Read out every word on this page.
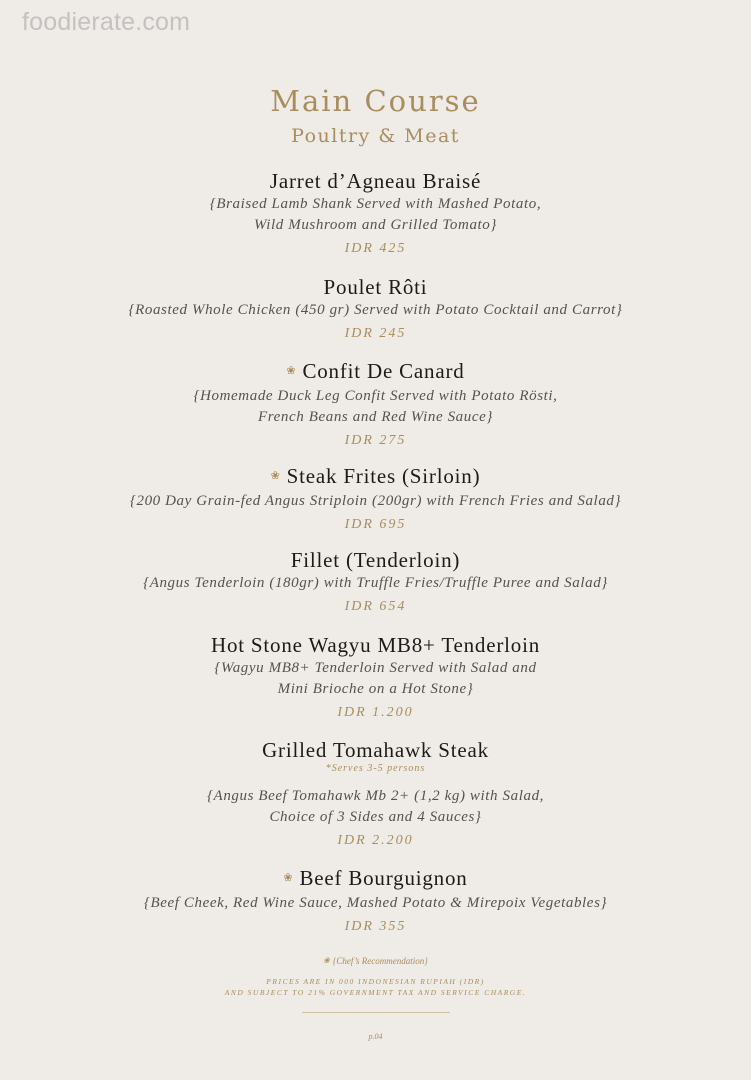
foodierate.com
Main Course
Poultry & Meat
Jarret d’Agneau Braisé
{Braised Lamb Shank Served with Mashed Potato,
Wild Mushroom and Grilled Tomato}
IDR 425
Poulet Rôti
{Roasted Whole Chicken (450 gr) Served with Potato Cocktail and Carrot}
IDR 245
❀ Confit De Canard
{Homemade Duck Leg Confit Served with Potato Rösti,
French Beans and Red Wine Sauce}
IDR 275
❀ Steak Frites (Sirloin)
{200 Day Grain-fed Angus Striploin (200gr) with French Fries and Salad}
IDR 695
Fillet (Tenderloin)
{Angus Tenderloin (180gr) with Truffle Fries/Truffle Puree and Salad}
IDR 654
Hot Stone Wagyu MB8+ Tenderloin
{Wagyu MB8+ Tenderloin Served with Salad and
Mini Brioche on a Hot Stone}
IDR 1.200
Grilled Tomahawk Steak
*Serves 3-5 persons
{Angus Beef Tomahawk Mb 2+ (1,2 kg) with Salad,
Choice of 3 Sides and 4 Sauces}
IDR 2.200
❀ Beef Bourguignon
{Beef Cheek, Red Wine Sauce, Mashed Potato & Mirepoix Vegetables}
IDR 355
❀ {Chef’s Recommendation}
PRICES ARE IN 000 INDONESIAN RUPIAH (IDR)
AND SUBJECT TO 21% GOVERNMENT TAX AND SERVICE CHARGE.
p.04
